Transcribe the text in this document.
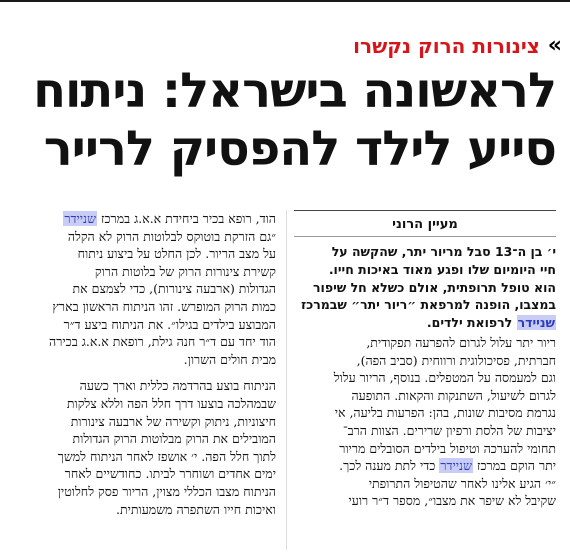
»
צינורות הרוק נקשרו
לראשונה בישראל: ניתוח
סייע לילד להפסיק לרייר
מעיין הרוני
י׳ בן ה־13 סבל מריור יתר, שהקשה על
חיי היומיום שלו ופגע מאוד באיכות חייו.
הוא טופל תרופתית, אולם כשלא חל שיפור
במצבו, הופנה למרפאת ״ריור יתר״ שבמרכז
שניידר לרפואת ילדים.
ריור יתר עלול לגרום להפרעה תפקודית,
חברתית, פסיכולוגית ורווחית (סביב הפה),
וגם למעמסה על המטפלים. בנוסף, הריור עלול
לגרום לשיעול, השתנקות והקאות. התופעה
נגרמת מסיבות שונות, בהן: הפרעות בליעה, אי
יציבות של הלסת ורפיון שרירים. הצוות הרב־
תחומי להערכה וטיפול בילדים הסובלים מריור
יתר הוקם במרכז שניידר כדי לתת מענה לכך.
״י׳ הגיע אלינו לאחר שהטיפול התרופתי
שקיבל לא שיפר את מצבו״, מספר ד״ר רועי
הוד, רופא בכיר ביחידת א.א.ג במרכז שניידר
״גם הזרקת בוטוקס לבלוטות הרוק לא הקלה
על מצב הריור. לכן החלט על ביצוע ניתוח
קשירת צינורות הרוק של בלוטות הרוק
הגדולות (ארבעה צינורות), כדי לצמצם את
כמות הרוק המופרש. זהו הניתוח הראשון בארץ
המבוצע בילדים בגילו״. את הניתוח ביצע ד״ר
הוד יחד עם ד״ר חנה גילת, רופאת א.א.ג בכירה
מבית חולים השרון.
הניתוח בוצע בהרדמה כללית וארך כשעה
שבמהלכה בוצעו דרך חלל הפה וללא צלקות
חיצוניות, ניתוק וקשירה של ארבעה צינורות
המובילים את הרוק מבלוטות הרוק הגדולות
לתוך חלל הפה. י׳ אושפז לאחר הניתוח למשך
ימים אחדים ושוחרר לביתו. כחודשיים לאחר
הניתוח מצבו הכללי מצוין, הריור פסק לחלוטין
ואיכות חייו השתפרה משמעותית.
